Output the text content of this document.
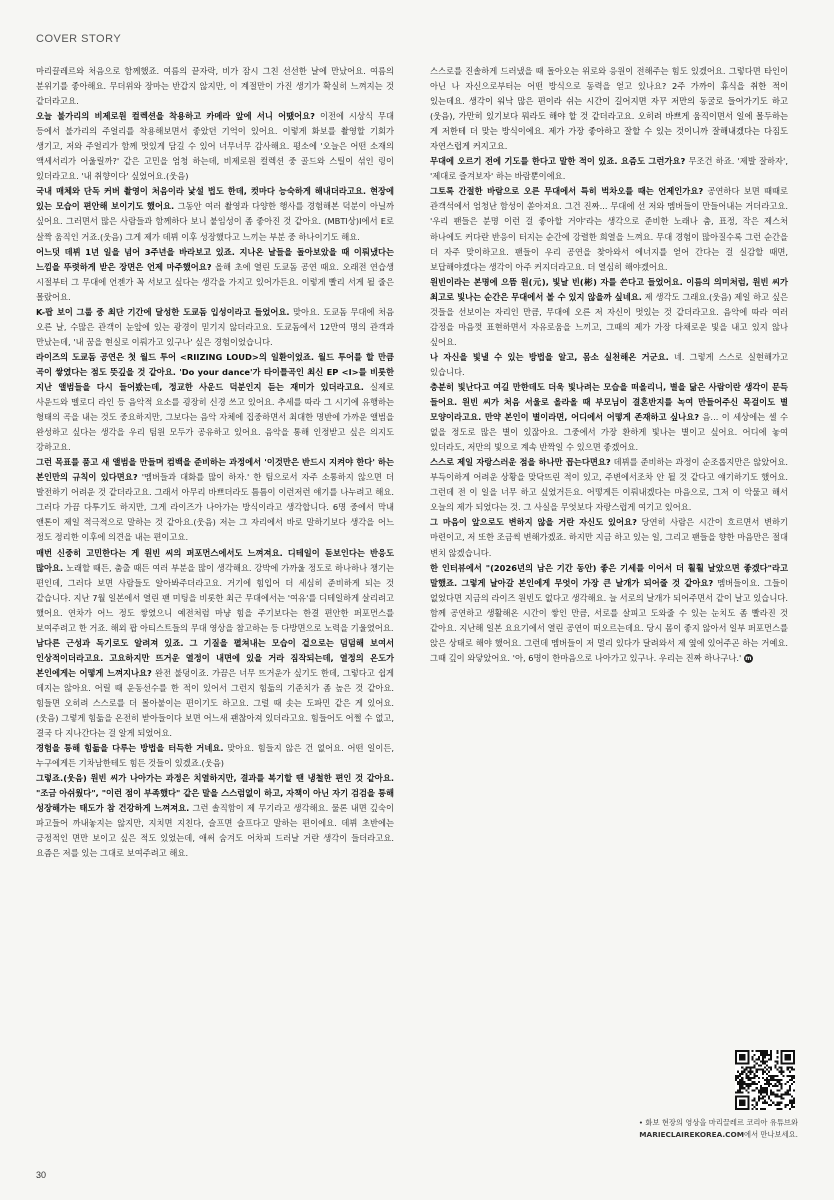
COVER STORY

마리끌레르와 처음으로 함께했죠. 여름의 끝자락, 비가 잠시 그친 선선한 날에 만났어요. 여름의 분위기를 좋아해요. 무더위와 장마는 반갑지 않지만, 이 계절만이 가진 생기가 확실히 느껴지는 것 같더라고요.

오늘 불가리의 비제로원 컬렉션을 착용하고 카메라 앞에 서니 어땠어요? 이전에 시상식 무대 등에서 불가리의 주얼리를 착용해보면서 좋았던 기억이 있어요. 이렇게 화보를 촬영할 기회가 생기고, 저와 주얼리가 함께 멋있게 담길 수 있어 너무너무 감사해요. 평소에 '오늘은 어떤 소재의 액세서리가 어울릴까?' 같은 고민을 엄청 하는데, 비제로원 컬렉션 중 골드와 스틸이 섞인 링이 있더라고요. '내 취향이다' 싶었어요.(웃음)

국내 매체와 단독 커버 촬영이 처음이라 낯설 법도 한데, 컷마다 능숙하게 해내더라고요. 현장에 있는 모습이 편안해 보이기도 했어요. 그동안 여러 촬영과 다양한 행사를 경험해본 덕분이 아닐까 싶어요. 그러면서 많은 사람들과 함께하다 보니 붙임성이 좀 좋아진 것 같아요. (MBTI상)I에서 E로 살짝 움직인 거죠.(웃음) 그게 제가 데뷔 이후 성장했다고 느끼는 부분 중 하나이기도 해요.

어느덧 데뷔 1년 일을 넘어 3주년을 바라보고 있죠. 지나온 날들을 돌아보았을 때 이뤄냈다는 느낌을 뚜렷하게 받은 장면은 언제 마주했어요? 올해 초에 열린 도쿄돔 공연 때요. 오래전 연습생 시절부터 그 무대에 언젠가 꼭 서보고 싶다는 생각을 가지고 있어가든요. 이렇게 빨리 서게 될 줄은 몰랐어요.

K-팝 보이 그룹 중 최단 기간에 달성한 도쿄돔 입성이라고 들었어요. 맞아요. 도쿄돔 무대에 처음 오른 날, 수많은 관객이 눈앞에 있는 광경이 믿기지 않더라고요. 도쿄돔에서 12만여 명의 관객과 만났는데, '내 꿈을 현실로 이뤄가고 있구나' 싶은 경험이었습니다.

라이즈의 도쿄돔 공연은 첫 월드 투어 <RIIZING LOUD>의 일환이었죠. 월드 투어를 할 만큼 곡이 쌓였다는 점도 뜻깊을 것 같아요. 'Do your dance'가 타이틀곡인 최신 EP <I>를 비롯한 지난 앨범들을 다시 들어봤는데, 정교한 사운드 덕분인지 듣는 재미가 있더라고요. 실제로 사운드와 멜로디 라인 등 음악적 요소를 굉장히 신경 쓰고 있어요. 추세를 따라 그 시기에 유행하는 형태의 곡을 내는 것도 중요하지만, 그보다는 음악 자체에 집중하면서 최대한 명반에 가까운 앨범을 완성하고 싶다는 생각을 우리 팀원 모두가 공유하고 있어요. 음악을 통해 인정받고 싶은 의지도 강하고요.

그런 목표를 품고 새 앨범을 만들며 컴백을 준비하는 과정에서 '이것만은 반드시 지켜야 한다' 하는 본인만의 규칙이 있다면요? '멤버들과 대화를 많이 하자.' 한 팀으로서 자주 소통하지 않으면 더 발전하기 어려운 것 같더라고요. 그래서 아무리 바쁘더라도 틈틈이 이런저런 얘기를 나누려고 해요. 그러다 가끔 다투기도 하지만, 그게 라이즈가 나아가는 방식이라고 생각합니다. 6명 중에서 막내 앤톤이 제일 적극적으로 말하는 것 같아요.(웃음) 저는 그 자리에서 바로 말하기보다 생각을 어느 정도 정리한 이후에 의견을 내는 편이고요.

매번 신중히 고민한다는 게 원빈 씨의 퍼포먼스에서도 느껴져요. 디테일이 돋보인다는 반응도 많아요. 노래할 때든, 춤출 때든 여러 부분을 많이 생각해요. 강박에 가까울 정도로 하나하나 챙기는 편인데, 그러다 보면 사람들도 알아봐주더라고요. 거기에 힘입어 더 세심히 준비하게 되는 것 같습니다. 지난 7월 일본에서 열린 팬 미팅을 비롯한 최근 무대에서는 '여유'를 디테일하게 살리려고 했어요. 연차가 어느 정도 쌓였으니 예전처럼 마냥 힘을 주기보다는 한결 편안한 퍼포먼스를 보여주려고 한 거죠. 해외 팝 아티스트들의 무대 영상을 참고하는 등 다방면으로 노력을 기울였어요.

남다른 근성과 독기로도 알려져 있죠. 그 기질을 펼쳐내는 모습이 겉으로는 덤덤해 보여서 인상적이더라고요. 고요하지만 뜨거운 열정이 내면에 있을 거라 짐작되는데, 열정의 온도가 본인에게는 어떻게 느껴지나요? 완전 불덩이죠. 가끔은 너무 뜨거운가 싶기도 한데, 그렇다고 쉽게 데지는 않아요. 어릴 때 운동선수를 한 적이 있어서 그런지 힘듦의 기준치가 좀 높은 것 같아요. 힘들면 오히려 스스로를 더 몰아붙이는 편이기도 하고요. 그럴 때 솟는 도파민 같은 게 있어요.(웃음) 그렇게 힘듦을 온전히 받아들이다 보면 어느새 괜찮아져 있더라고요. 힘들어도 어쩔 수 없고, 결국 다 지나간다는 걸 알게 되었어요.

경험을 통해 힘듦을 다루는 방법을 터득한 거네요. 맞아요. 힘들지 않은 건 없어요. 어떤 일이든, 누구에게든 기차남한테도 힘든 것들이 있겠죠.(웃음)

그렇죠.(웃음) 원빈 씨가 나아가는 과정은 치열하지만, 결과를 복기할 땐 냉철한 편인 것 같아요. "조금 아쉬웠다", "이런 점이 부족했다" 같은 말을 스스럼없이 하고, 자책이 아닌 자기 검검을 통해 성장해가는 태도가 참 건강하게 느껴져요. 그런 솔직함이 제 무기라고 생각해요. 물론 내면 깊숙이 파고들어 까내놓지는 않지만, 지치면 지친다, 슬프면 슬프다고 말하는 편이에요. 데뷔 초반에는 긍정적인 면만 보이고 싶은 적도 있었는데, 애써 숨겨도 어차피 드러날 거란 생각이 들더라고요. 요즘은 저를 있는 그대로 보여주려고 해요.

스스로를 진솔하게 드러냈을 때 돌아오는 위로와 응원이 전해주는 힘도 있겠어요. 그렇다면 타인이 아닌 나 자신으로부터는 어떤 방식으로 동력을 얻고 있나요? 2주 가까이 휴식을 취한 적이 있는데요. 생각이 워낙 많은 편이라 쉬는 시간이 길어지면 자꾸 저만의 동굴로 들어가기도 하고(웃음), 가만히 있기보다 뭐라도 해야 할 것 같더라고요. 오히려 바쁘게 움직이면서 일에 몰두하는 게 저한테 더 맞는 방식이에요. 제가 가장 좋아하고 잘할 수 있는 것이니까 잘해내겠다는 다짐도 자연스럽게 커지고요.

무대에 오르기 전에 기도를 한다고 말한 적이 있죠. 요즘도 그런가요? 무조건 하죠. '제발 잘하자', '제대로 즐겨보자' 하는 바람뿐이에요.

그토록 간절한 바람으로 오른 무대에서 특히 벅차오를 때는 언제인가요? 공연하다 보면 때때로 관객석에서 엄청난 함성이 쏟아져요. 그건 진짜... 무대에 선 저와 멤버들이 만들어내는 거더라고요. '우리 팬들은 분명 이런 걸 좋아할 거야'라는 생각으로 준비한 노래나 춤, 표정, 작은 제스처 하나에도 커다란 반응이 터지는 순간에 강렬한 희열을 느껴요. 무대 경험이 많아질수록 그런 순간을 더 자주 맞이하고요. 팬들이 우리 공연을 찾아와서 에너지를 얻어 간다는 걸 실감할 때면, 보답해야겠다는 생각이 아주 커지더라고요. 더 열심히 해야겠어요.

원빈이라는 본명에 으뜸 원(元), 빛날 빈(彬) 자를 쓴다고 들었어요. 이름의 의미처럼, 원빈 씨가 최고로 빛나는 순간은 무대에서 볼 수 있지 않을까 싶네요. 제 생각도 그래요.(웃음) 제일 하고 싶은 것들을 선보이는 자리인 만큼, 무대에 오른 저 자신이 멋있는 것 같더라고요. 음악에 따라 여러 감정을 마음껏 표현하면서 자유로움을 느끼고, 그때의 제가 가장 다채로운 빛을 내고 있지 않나 싶어요.

나 자신을 빛낼 수 있는 방법을 알고, 몸소 실천해온 거군요. 네. 그렇게 스스로 실현해가고 있습니다.

충분히 빛난다고 여길 만한데도 더욱 빛나려는 모습을 떠올리니, 별을 닮은 사람이란 생각이 문득 들어요. 원빈 씨가 처음 서울로 올라올 때 부모님이 결혼반지를 녹여 만들어주신 목걸이도 별 모양이라고요. 만약 본인이 별이라면, 어디에서 어떻게 존재하고 싶나요? 음... 이 세상에는 셀 수 없을 정도로 많은 별이 있잖아요. 그중에서 가장 환하게 빛나는 별이고 싶어요. 어디에 놓여 있더라도, 저만의 빛으로 계속 반짝일 수 있으면 좋겠어요.

스스로 제일 자랑스러운 점을 하나만 꼽는다면요? 데뷔를 준비하는 과정이 순조롭지만은 않았어요. 부득이하게 어려운 상황을 맞닥뜨린 적이 있고, 주변에서조차 안 될 것 같다고 얘기하기도 했어요. 그런데 전 이 일을 너무 하고 싶었거든요. 어떻게든 이뤄내겠다는 마음으로, 그저 이 악물고 해서 오늘의 제가 되었다는 것. 그 사실을 무엇보다 자랑스럽게 여기고 있어요.

그 마음이 앞으로도 변하지 않을 거란 자신도 있어요? 당연히 사람은 시간이 흐르면서 변하기 마련이고, 저 또한 조금씩 변해가겠죠. 하지만 지금 하고 있는 일, 그리고 팬들을 향한 마음만은 절대 변치 않겠습니다.

한 인터뷰에서 "(2026년의 남은 기간 동안) 좋은 기세를 이어서 더 훨훨 날았으면 좋겠다"라고 말했죠. 그렇게 날아갈 본인에게 무엇이 가장 큰 날개가 되어줄 것 같아요? 멤버들이요. 그들이 없었다면 지금의 라이즈 원빈도 없다고 생각해요. 늘 서로의 날개가 되어주면서 같이 날고 있습니다. 함께 공연하고 생활해온 시간이 쌓인 만큼, 서로를 살피고 도와줄 수 있는 눈치도 좀 빨라진 것 같아요. 지난해 일본 요요기에서 열린 공연이 떠오르는데요. 당시 몸이 좋지 않아서 일부 퍼포먼스를 앉은 상태로 해야 했어요. 그런데 멤버들이 저 멀리 있다가 달려와서 제 옆에 있어주곤 하는 거예요. 그때 깊이 와닿았어요. '아, 6명이 한마음으로 나아가고 있구나. 우리는 진짜 하나구나.' m

• 화보 현장의 영상을 마리끌레르 코리아 유튜브와
MARIECLAIREKOREA.COM에서 만나보세요.
30
